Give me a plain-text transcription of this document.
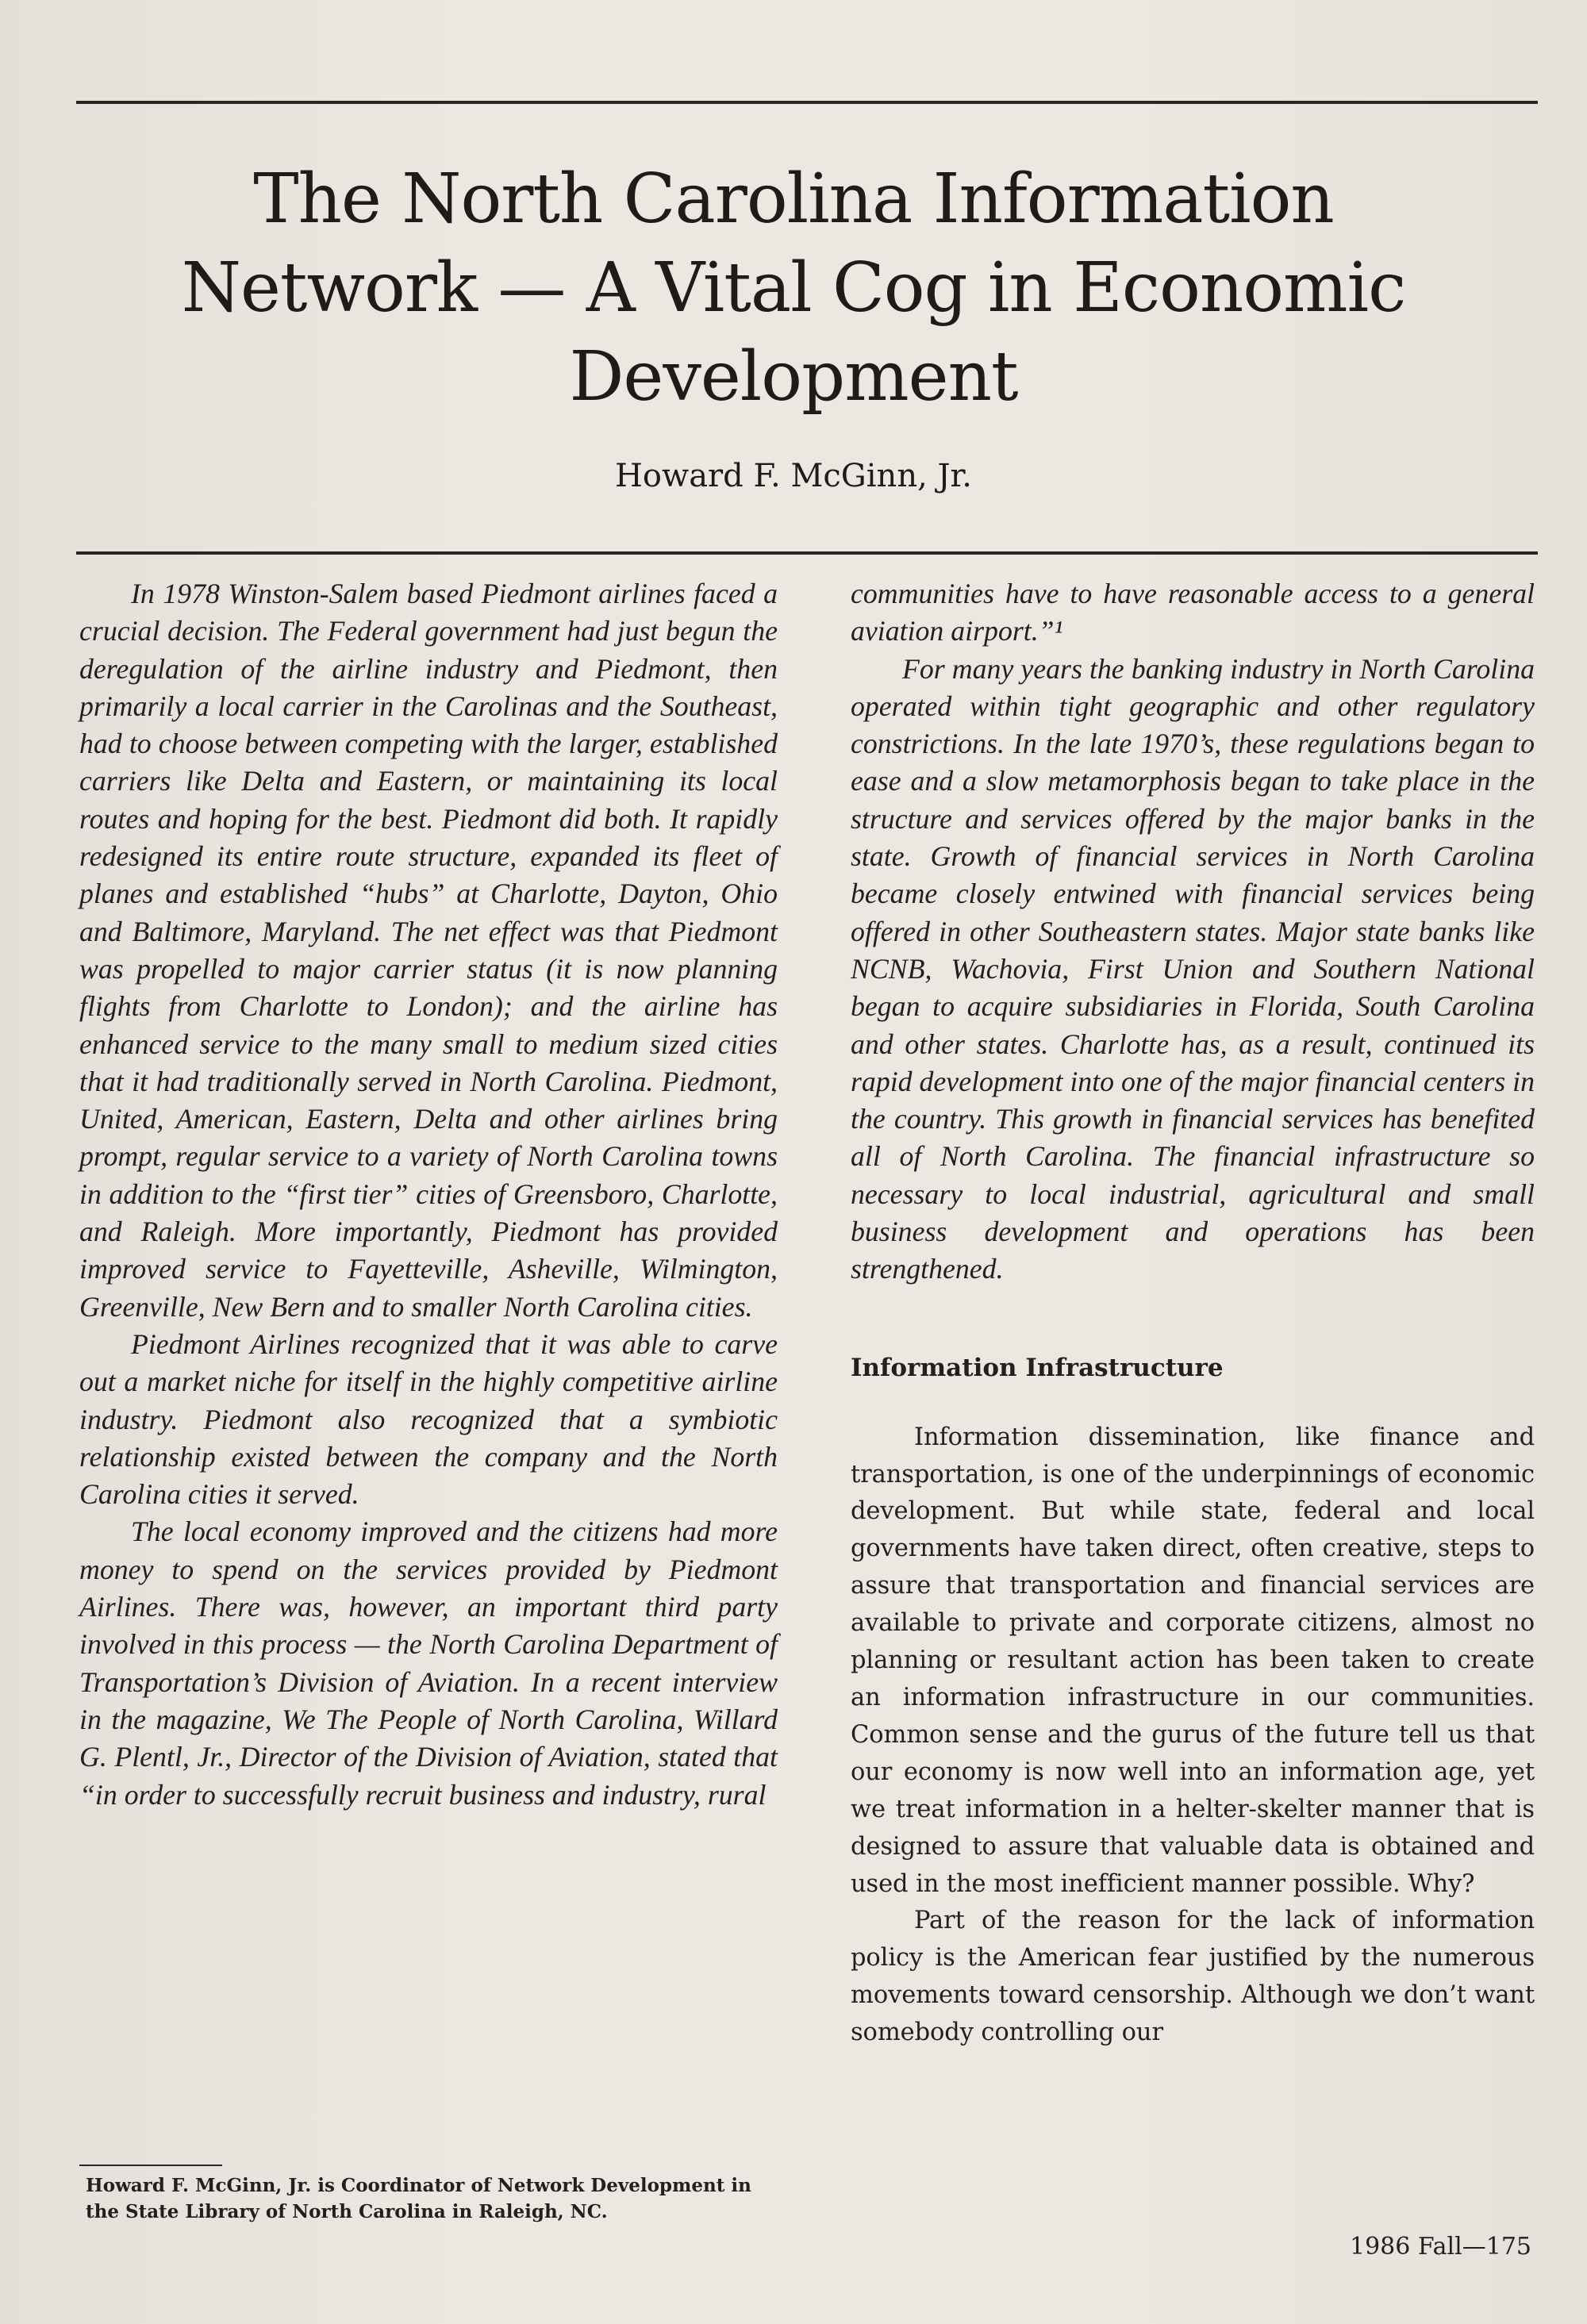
The North Carolina Information Network — A Vital Cog in Economic Development

Howard F. McGinn, Jr.

In 1978 Winston-Salem based Piedmont airlines faced a crucial decision. The Federal government had just begun the deregulation of the airline industry and Piedmont, then primarily a local carrier in the Carolinas and the Southeast, had to choose between competing with the larger, established carriers like Delta and Eastern, or maintaining its local routes and hoping for the best. Piedmont did both. It rapidly redesigned its entire route structure, expanded its fleet of planes and established “hubs” at Charlotte, Dayton, Ohio and Baltimore, Maryland. The net effect was that Piedmont was propelled to major carrier status (it is now planning flights from Charlotte to London); and the airline has enhanced service to the many small to medium sized cities that it had traditionally served in North Carolina. Piedmont, United, American, Eastern, Delta and other airlines bring prompt, regular service to a variety of North Carolina towns in addition to the “first tier” cities of Greensboro, Charlotte, and Raleigh. More importantly, Piedmont has provided improved service to Fayetteville, Asheville, Wilmington, Greenville, New Bern and to smaller North Carolina cities.

Piedmont Airlines recognized that it was able to carve out a market niche for itself in the highly competitive airline industry. Piedmont also recognized that a symbiotic relationship existed between the company and the North Carolina cities it served.

The local economy improved and the citizens had more money to spend on the services provided by Piedmont Airlines. There was, however, an important third party involved in this process — the North Carolina Department of Transportation’s Division of Aviation. In a recent interview in the magazine, We The People of North Carolina, Willard G. Plentl, Jr., Director of the Division of Aviation, stated that “in order to successfully recruit business and industry, rural

communities have to have reasonable access to a general aviation airport.”¹

For many years the banking industry in North Carolina operated within tight geographic and other regulatory constrictions. In the late 1970’s, these regulations began to ease and a slow metamorphosis began to take place in the structure and services offered by the major banks in the state. Growth of financial services in North Carolina became closely entwined with financial services being offered in other Southeastern states. Major state banks like NCNB, Wachovia, First Union and Southern National began to acquire subsidiaries in Florida, South Carolina and other states. Charlotte has, as a result, continued its rapid development into one of the major financial centers in the country. This growth in financial services has benefited all of North Carolina. The financial infrastructure so necessary to local industrial, agricultural and small business development and operations has been strengthened.

Information Infrastructure

Information dissemination, like finance and transportation, is one of the underpinnings of economic development. But while state, federal and local governments have taken direct, often creative, steps to assure that transportation and financial services are available to private and corporate citizens, almost no planning or resultant action has been taken to create an information infrastructure in our communities. Common sense and the gurus of the future tell us that our economy is now well into an information age, yet we treat information in a helter-skelter manner that is designed to assure that valuable data is obtained and used in the most inefficient manner possible. Why?

Part of the reason for the lack of information policy is the American fear justified by the numerous movements toward censorship. Although we don’t want somebody controlling our

Howard F. McGinn, Jr. is Coordinator of Network Development in the State Library of North Carolina in Raleigh, NC.

1986 Fall—175
